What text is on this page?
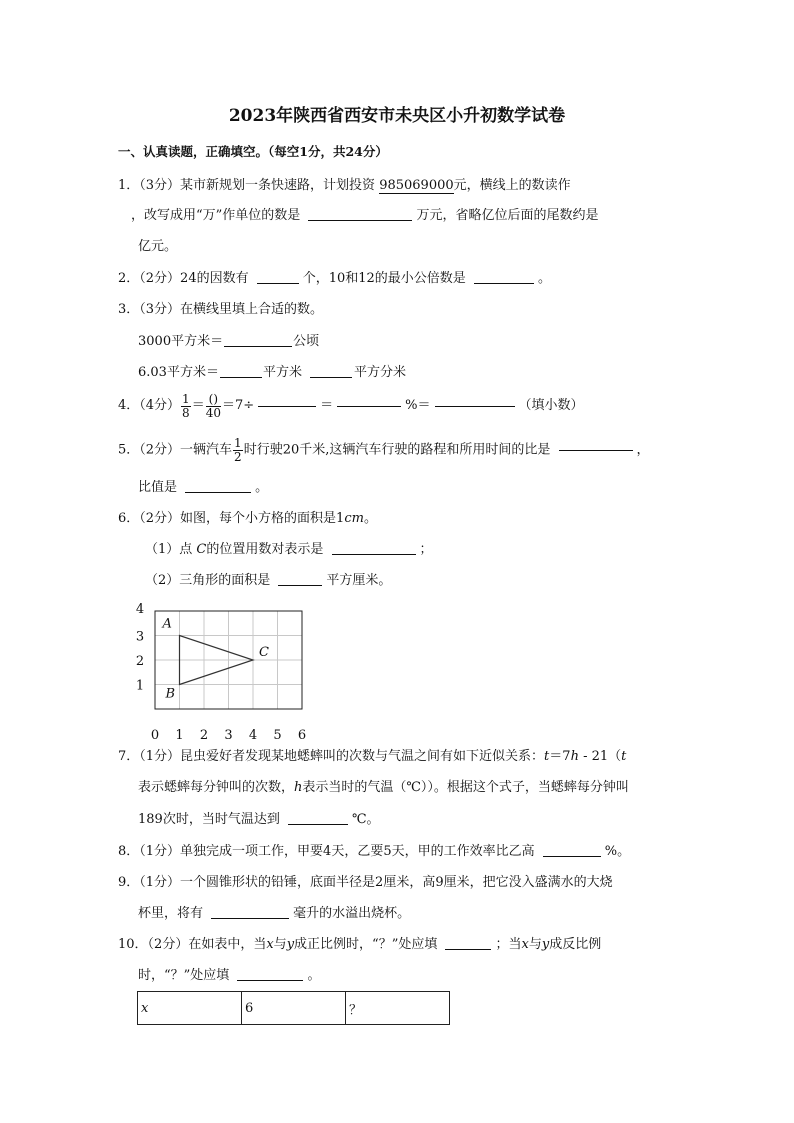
2023年陕西省西安市未央区小升初数学试卷
一、认真读题，正确填空。（每空1分，共24分）
1．（3分）某市新规划一条快速路，计划投资 985069000元，横线上的数读作
，改写成用“万”作单位的数是	万元，省略亿位后面的尾数约是
亿元。
2．（2分）24的因数有	个，10和12的最小公倍数是	。
3．（3分）在横线里填上合适的数。
3000平方米＝	公顷
6.03平方米＝	平方米	平方分米
4．（4分） $\frac{1}{8} = \frac{()}{40} =7\div$	＝	%＝	（填小数）
5．（2分）一辆汽车 $\frac{1}{2}$ 时行驶20千米,这辆汽车行驶的路程和所用时间的比是	，
比值是	。
6．（2分）如图，每个小方格的面积是1cm。
（1）点 C的位置用数对表示是	；
（2）三角形的面积是	平方厘米。
A
B
C
4
3
2
1
0 1 2 3 4 5 6
7．（1分）昆虫爱好者发现某地蟋蟀叫的次数与气温之间有如下近似关系：t＝7h - 21（t
表示蟋蟀每分钟叫的次数，h表示当时的气温（℃））。根据这个式子，当蟋蟀每分钟叫
189次时，当时气温达到	℃。
8．（1分）单独完成一项工作，甲要4天，乙要5天，甲的工作效率比乙高	%。
9．（1分）一个圆锥形状的铅锤，底面半径是2厘米，高9厘米，把它没入盛满水的大烧
杯里，将有	毫升的水溢出烧杯。
10．（2分）在如表中，当x与y成正比例时，“？”处应填	；当x与y成反比例
时，“？”处应填	。
x	6	？
